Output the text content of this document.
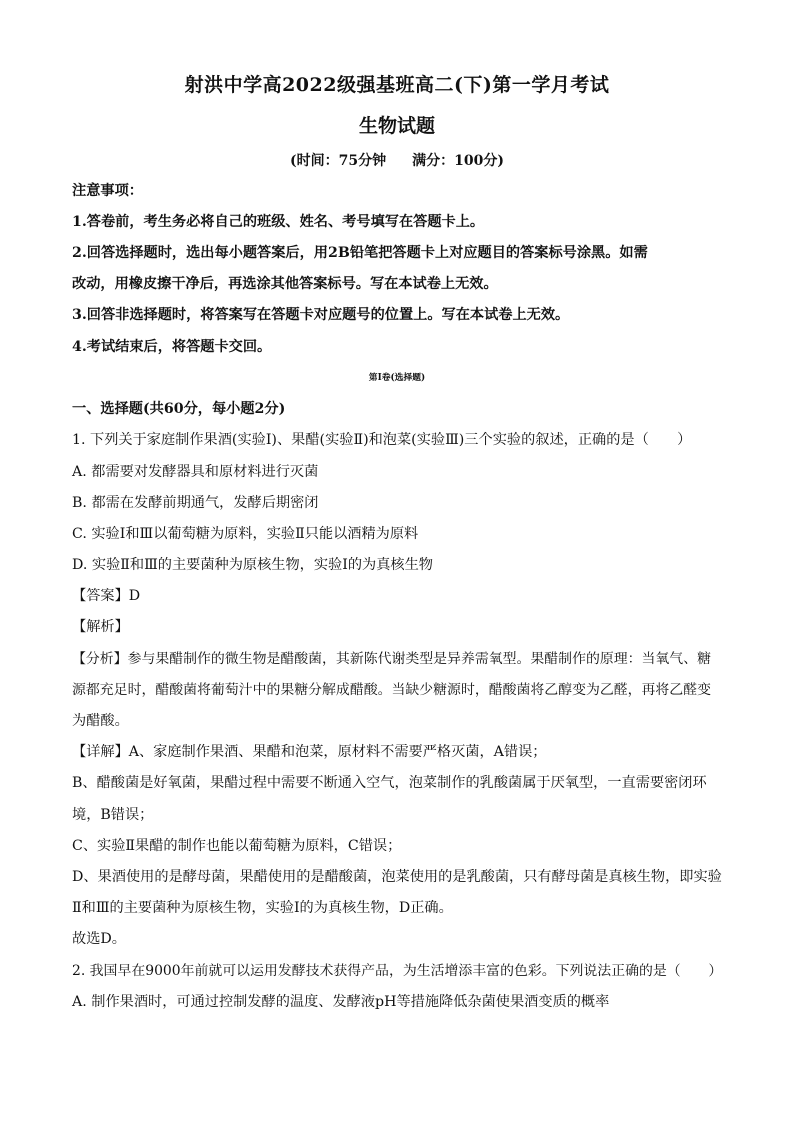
射洪中学高2022级强基班高二(下)第一学月考试
生物试题
(时间：75分钟 满分：100分)
注意事项：
1.答卷前，考生务必将自己的班级、姓名、考号填写在答题卡上。
2.回答选择题时，选出每小题答案后，用2B铅笔把答题卡上对应题目的答案标号涂黑。如需
改动，用橡皮擦干净后，再选涂其他答案标号。写在本试卷上无效。
3.回答非选择题时，将答案写在答题卡对应题号的位置上。写在本试卷上无效。
4.考试结束后，将答题卡交回。
第Ⅰ卷(选择题)
一、选择题(共60分，每小题2分)
1. 下列关于家庭制作果酒(实验Ⅰ)、果醋(实验Ⅱ)和泡菜(实验Ⅲ)三个实验的叙述，正确的是（　　）
A. 都需要对发酵器具和原材料进行灭菌
B. 都需在发酵前期通气，发酵后期密闭
C. 实验Ⅰ和Ⅲ以葡萄糖为原料，实验Ⅱ只能以酒精为原料
D. 实验Ⅱ和Ⅲ的主要菌种为原核生物，实验Ⅰ的为真核生物
【答案】D
【解析】
【分析】参与果醋制作的微生物是醋酸菌，其新陈代谢类型是异养需氧型。果醋制作的原理：当氧气、糖
源都充足时，醋酸菌将葡萄汁中的果糖分解成醋酸。当缺少糖源时，醋酸菌将乙醇变为乙醛，再将乙醛变
为醋酸。
【详解】A、家庭制作果酒、果醋和泡菜，原材料不需要严格灭菌，A错误；
B、醋酸菌是好氧菌，果醋过程中需要不断通入空气，泡菜制作的乳酸菌属于厌氧型，一直需要密闭环
境，B错误；
C、实验Ⅱ果醋的制作也能以葡萄糖为原料，C错误；
D、果酒使用的是酵母菌，果醋使用的是醋酸菌，泡菜使用的是乳酸菌，只有酵母菌是真核生物，即实验
Ⅱ和Ⅲ的主要菌种为原核生物，实验Ⅰ的为真核生物，D正确。
故选D。
2. 我国早在9000年前就可以运用发酵技术获得产品，为生活增添丰富的色彩。下列说法正确的是（　　）
A. 制作果酒时，可通过控制发酵的温度、发酵液pH等措施降低杂菌使果酒变质的概率
